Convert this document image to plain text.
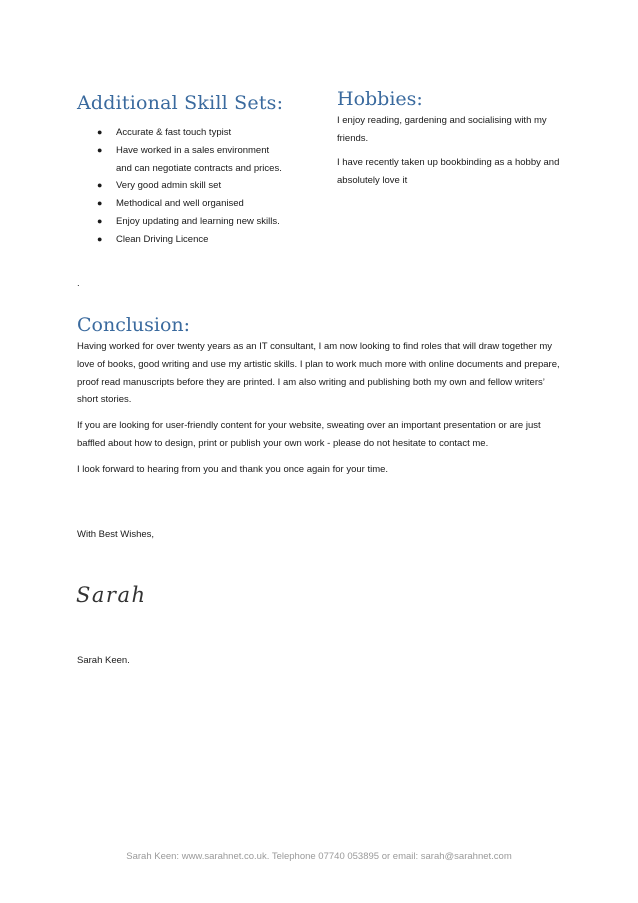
Additional Skill Sets:
● Accurate & fast touch typist
● Have worked in a sales environment
and can negotiate contracts and prices.
● Very good admin skill set
● Methodical and well organised
● Enjoy updating and learning new skills.
● Clean Driving Licence
Hobbies:

I enjoy reading, gardening and socialising with my friends.

I have recently taken up bookbinding as a hobby and absolutely love it

.
Conclusion:

Having worked for over twenty years as an IT consultant, I am now looking to find roles that will draw together my love of books, good writing and use my artistic skills. I plan to work much more with online documents and prepare, proof read manuscripts before they are printed. I am also writing and publishing both my own and fellow writers’ short stories.

If you are looking for user-friendly content for your website, sweating over an important presentation or are just baffled about how to design, print or publish your own work - please do not hesitate to contact me.

I look forward to hearing from you and thank you once again for your time.

With Best Wishes,
Sarah
Sarah Keen.
Sarah Keen: www.sarahnet.co.uk. Telephone 07740 053895 or email: sarah@sarahnet.com
